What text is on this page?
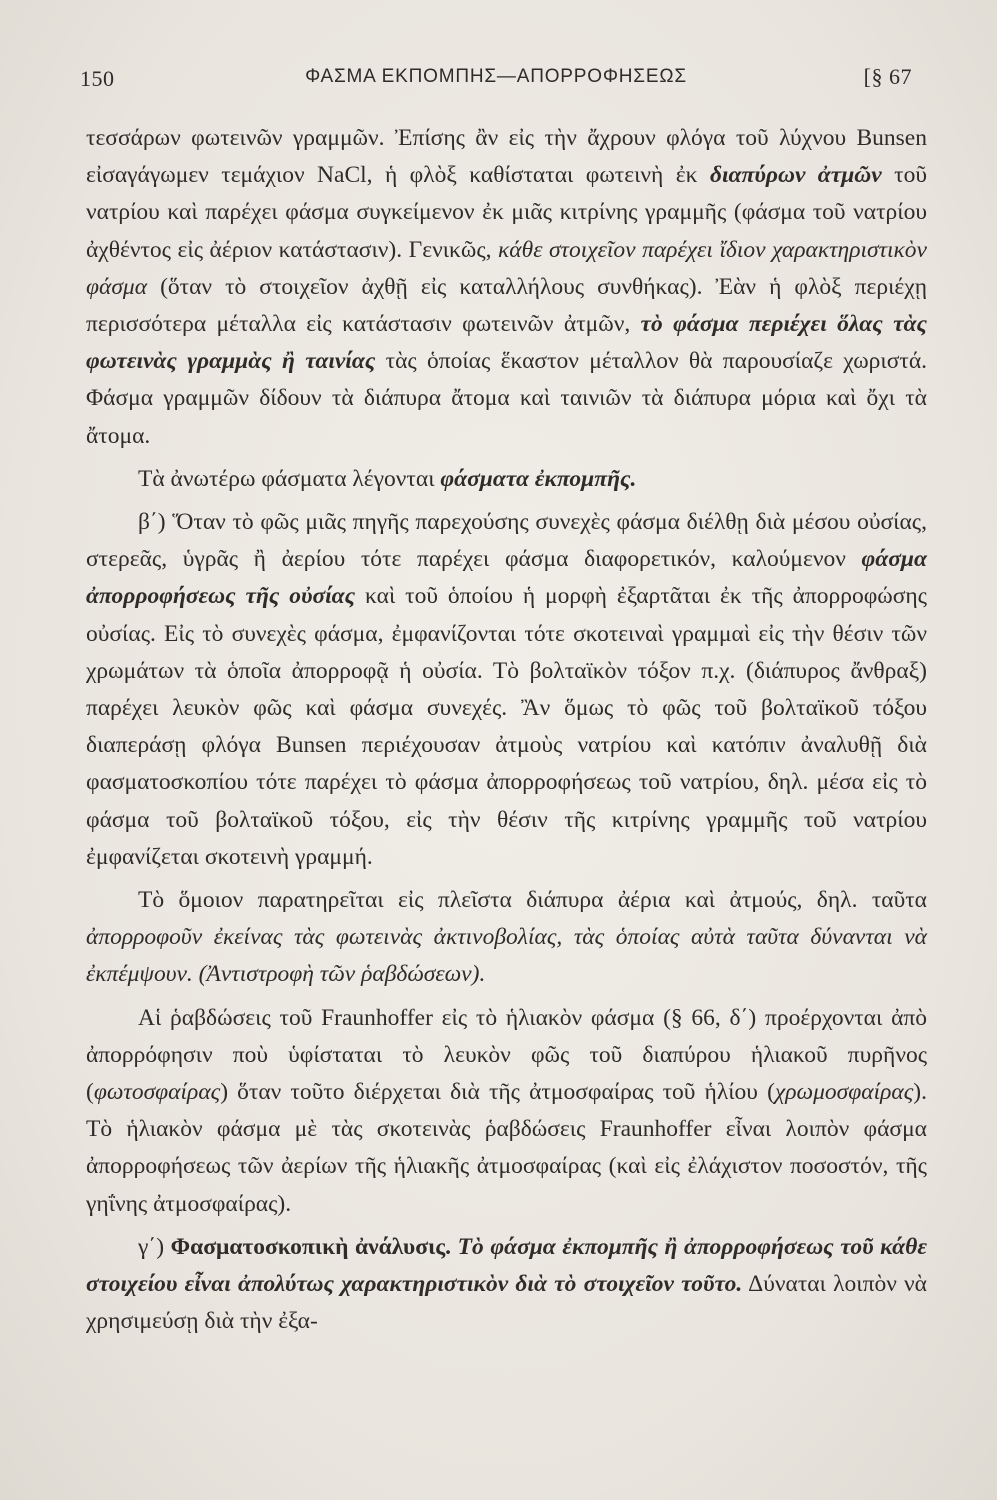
150	ΦΑΣΜΑ ΕΚΠΟΜΠΗΣ—ΑΠΟΡΡΟΦΗΣΕΩΣ	[§ 67

τεσσάρων φωτεινῶν γραμμῶν. Ἐπίσης ἂν εἰς τὴν ἄχρουν φλόγα τοῦ λύχνου Bunsen εἰσαγάγωμεν τεμάχιον NaCl, ἡ φλὸξ καθίσταται φωτεινὴ ἐκ διαπύρων ἀτμῶν τοῦ νατρίου καὶ παρέχει φάσμα συγκείμενον ἐκ μιᾶς κιτρίνης γραμμῆς (φάσμα τοῦ νατρίου ἀχθέντος εἰς ἀέριον κατάστασιν). Γενικῶς, κάθε στοιχεῖον παρέχει ἴδιον χαρακτηριστικὸν φάσμα (ὅταν τὸ στοιχεῖον ἀχθῇ εἰς καταλλήλους συνθήκας). Ἐὰν ἡ φλὸξ περιέχῃ περισσότερα μέταλλα εἰς κατάστασιν φωτεινῶν ἀτμῶν, τὸ φάσμα περιέχει ὅλας τὰς φωτεινὰς γραμμὰς ἢ ταινίας τὰς ὁποίας ἕκαστον μέταλλον θὰ παρουσίαζε χωριστά. Φάσμα γραμμῶν δίδουν τὰ διάπυρα ἄτομα καὶ ταινιῶν τὰ διάπυρα μόρια καὶ ὄχι τὰ ἄτομα.

Τὰ ἀνωτέρω φάσματα λέγονται φάσματα ἐκπομπῆς.

β΄) Ὅταν τὸ φῶς μιᾶς πηγῆς παρεχούσης συνεχὲς φάσμα διέλθῃ διὰ μέσου οὐσίας, στερεᾶς, ὑγρᾶς ἢ ἀερίου τότε παρέχει φάσμα διαφορετικόν, καλούμενον φάσμα ἀπορροφήσεως τῆς οὐσίας καὶ τοῦ ὁποίου ἡ μορφὴ ἐξαρτᾶται ἐκ τῆς ἀπορροφώσης οὐσίας. Εἰς τὸ συνεχὲς φάσμα, ἐμφανίζονται τότε σκοτειναὶ γραμμαὶ εἰς τὴν θέσιν τῶν χρωμάτων τὰ ὁποῖα ἀπορροφᾷ ἡ οὐσία. Τὸ βολταϊκὸν τόξον π.χ. (διάπυρος ἄνθραξ) παρέχει λευκὸν φῶς καὶ φάσμα συνεχές. Ἂν ὅμως τὸ φῶς τοῦ βολταϊκοῦ τόξου διαπεράσῃ φλόγα Bunsen περιέχουσαν ἀτμοὺς νατρίου καὶ κατόπιν ἀναλυθῇ διὰ φασματοσκοπίου τότε παρέχει τὸ φάσμα ἀπορροφήσεως τοῦ νατρίου, δηλ. μέσα εἰς τὸ φάσμα τοῦ βολταϊκοῦ τόξου, εἰς τὴν θέσιν τῆς κιτρίνης γραμμῆς τοῦ νατρίου ἐμφανίζεται σκοτεινὴ γραμμή.

Τὸ ὅμοιον παρατηρεῖται εἰς πλεῖστα διάπυρα ἀέρια καὶ ἀτμούς, δηλ. ταῦτα ἀπορροφοῦν ἐκείνας τὰς φωτεινὰς ἀκτινοβολίας, τὰς ὁποίας αὐτὰ ταῦτα δύνανται νὰ ἐκπέμψουν. (Ἀντιστροφὴ τῶν ῥαβδώσεων).

Αἱ ῥαβδώσεις τοῦ Fraunhoffer εἰς τὸ ἡλιακὸν φάσμα (§ 66, δ΄) προέρχονται ἀπὸ ἀπορρόφησιν ποὺ ὑφίσταται τὸ λευκὸν φῶς τοῦ διαπύρου ἡλιακοῦ πυρῆνος (φωτοσφαίρας) ὅταν τοῦτο διέρχεται διὰ τῆς ἀτμοσφαίρας τοῦ ἡλίου (χρωμοσφαίρας). Τὸ ἡλιακὸν φάσμα μὲ τὰς σκοτεινὰς ῥαβδώσεις Fraunhoffer εἶναι λοιπὸν φάσμα ἀπορροφήσεως τῶν ἀερίων τῆς ἡλιακῆς ἀτμοσφαίρας (καὶ εἰς ἐλάχιστον ποσοστόν, τῆς γηΐνης ἀτμοσφαίρας).

γ΄) Φασματοσκοπικὴ ἀνάλυσις. Τὸ φάσμα ἐκπομπῆς ἢ ἀπορροφήσεως τοῦ κάθε στοιχείου εἶναι ἀπολύτως χαρακτηριστικὸν διὰ τὸ στοιχεῖον τοῦτο. Δύναται λοιπὸν νὰ χρησιμεύσῃ διὰ τὴν ἐξα-
